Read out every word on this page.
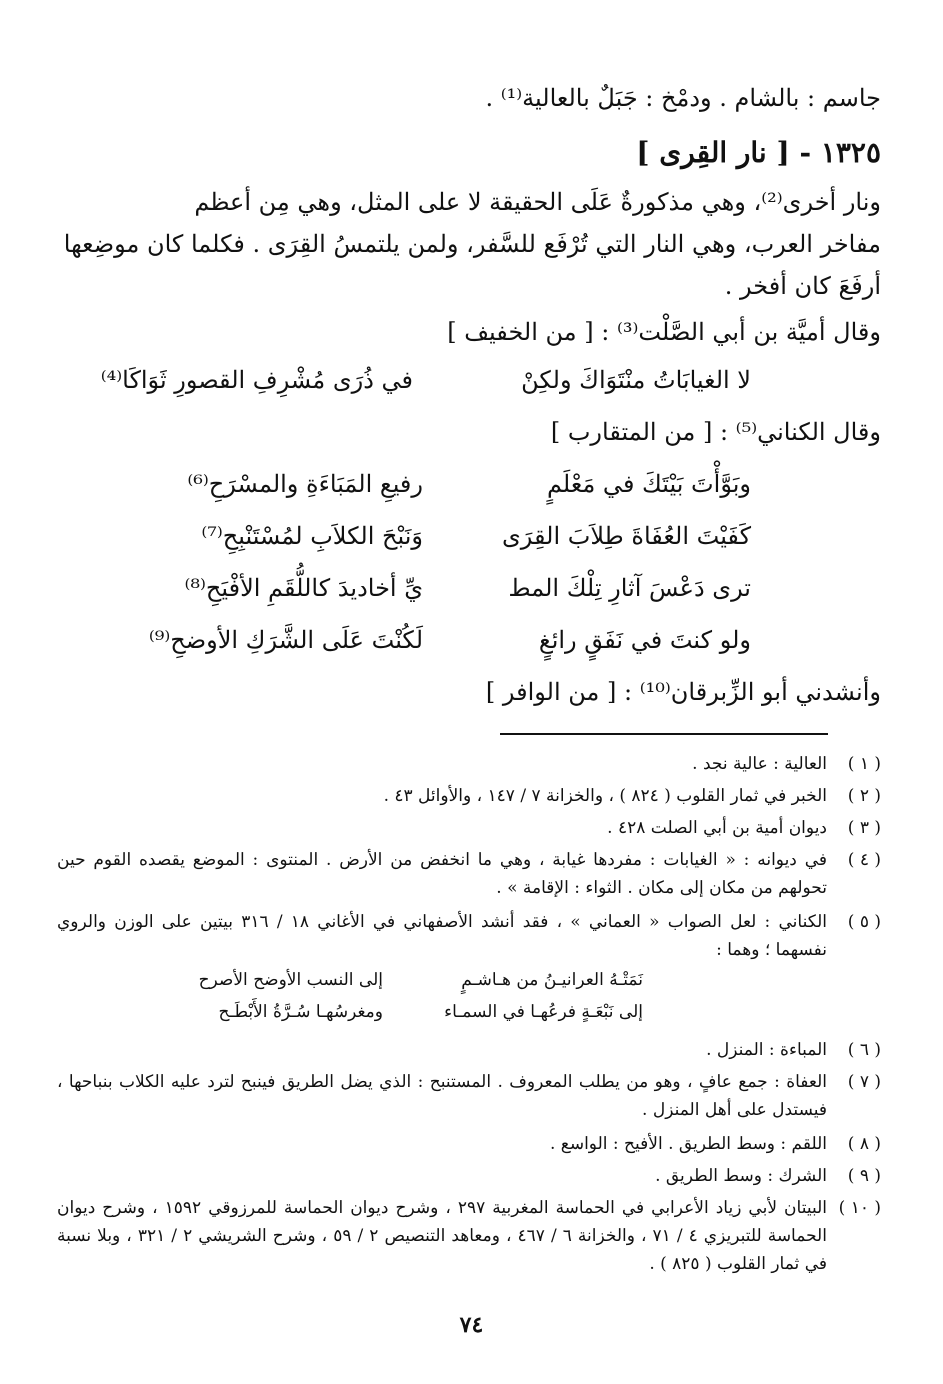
جاسم : بالشام . ودمْخ : جَبَلٌ بالعالية⁽¹⁾ .
١٣٢٥ - [ نار القِرى ]
ونار أخرى⁽²⁾، وهي مذكورةٌ عَلَى الحقيقة لا على المثل، وهي مِن أعظم
مفاخر العرب، وهي النار التي تُرْفَع للسَّفر، ولمن يلتمسُ القِرَى . فكلما كان موضِعها
أرفَعَ كان أفخر .
وقال أميَّة بن أبي الصَّلْت⁽³⁾ : [ من الخفيف ]
لا الغيابَاتُ منْتَوَاكَ ولكِنْ
في ذُرَى مُشْرِفِ القصورِ ثَوَاكَا⁽⁴⁾
وقال الكناني⁽⁵⁾ : [ من المتقارب ]
وبَوَّأْتَ بَيْتَكَ في مَعْلَمٍ
رفيعِ المَبَاءَةِ والمسْرَحِ⁽⁶⁾
كَفَيْتَ العُفَاةَ طِلاَبَ القِرَى
وَنَبْحَ الكلاَبِ لمُسْتَنْبِحِ⁽⁷⁾
ترى دَعْسَ آثارِ تِلْكَ المط
يِّ أخاديدَ كاللُّقَمِ الأفْيَحِ⁽⁸⁾
ولو كنتَ في نَفَقٍ رائغٍ
لَكُنْتَ عَلَى الشَّرَكِ الأوضحِ⁽⁹⁾
وأنشدني أبو الزِّبرقان⁽¹⁰⁾ : [ من الوافر ]
( ١ )
العالية : عالية نجد .
( ٢ )
الخبر في ثمار القلوب ( ٨٢٤ ) ، والخزانة ٧ / ١٤٧ ، والأوائل ٤٣ .
( ٣ )
ديوان أمية بن أبي الصلت ٤٢٨ .
( ٤ )
في ديوانه : « الغيابات : مفردها غيابة ، وهي ما انخفض من الأرض . المنتوى : الموضع يقصده القوم حين تحولهم من مكان إلى مكان . الثواء : الإقامة » .
( ٥ )
الكناني : لعل الصواب « العماني » ، فقد أنشد الأصفهاني في الأغاني ١٨ / ٣١٦ بيتين على الوزن والروي نفسهما ؛ وهما :
نَمَتْـهُ العرانيـنُ من هـاشـمٍ
إلى النسب الأوضح الأصرح
إلى نَبْعَـةٍ فرعُهـا في السمـاء
ومغرسُهـا سُـرَّةُ الأَبْطَـح
( ٦ )
المباءة : المنزل .
( ٧ )
العفاة : جمع عافٍ ، وهو من يطلب المعروف . المستنبح : الذي يضل الطريق فينبح لترد عليه الكلاب بنباحها ، فيستدل على أهل المنزل .
( ٨ )
اللقم : وسط الطريق . الأفيح : الواسع .
( ٩ )
الشرك : وسط الطريق .
( ١٠ )
البيتان لأبي زياد الأعرابي في الحماسة المغربية ٢٩٧ ، وشرح ديوان الحماسة للمرزوقي ١٥٩٢ ، وشرح ديوان الحماسة للتبريزي ٤ / ٧١ ، والخزانة ٦ / ٤٦٧ ، ومعاهد التنصيص ٢ / ٥٩ ، وشرح الشريشي ٢ / ٣٢١ ، وبلا نسبة في ثمار القلوب ( ٨٢٥ ) .
٧٤
